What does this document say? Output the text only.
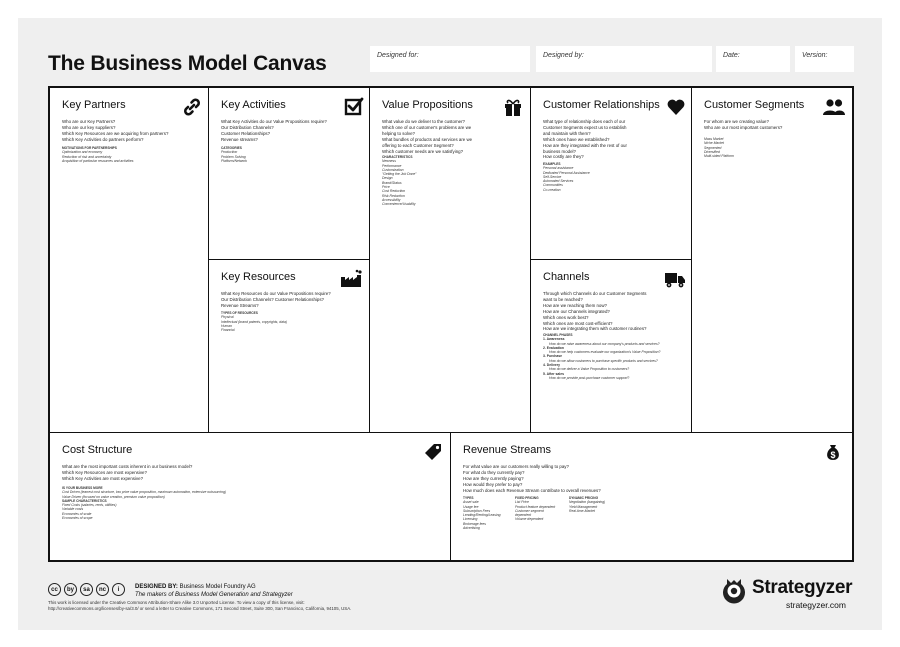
The Business Model Canvas	Designed for:	Designed by:	Date:	Version:
Key Partners
Who are our Key Partners?
Who are our key suppliers?
Which Key Resources are we acquiring from partners?
Which Key Activities do partners perform?
MOTIVATIONS FOR PARTNERSHIPS
Optimization and economy
Reduction of risk and uncertainty
Acquisition of particular resources and activities
Key Activities
What Key Activities do our Value Propositions require?
Our Distribution Channels?
Customer Relationships?
Revenue streams?
CATEGORIES
Production
Problem Solving
Platform/Network
Key Resources
What Key Resources do our Value Propositions require?
Our Distribution Channels? Customer Relationships?
Revenue Streams?
TYPES OF RESOURCES
Physical
Intellectual (brand patents, copyrights, data)
Human
Financial
Value Propositions
What value do we deliver to the customer?
Which one of our customer's problems are we
helping to solve?
What bundles of products and services are we
offering to each Customer Segment?
Which customer needs are we satisfying?
CHARACTERISTICS
Newness
Performance
Customization
"Getting the Job Done"
Design
Brand/Status
Price
Cost Reduction
Risk Reduction
Accessibility
Convenience/Usability
Customer Relationships
What type of relationship does each of our
Customer Segments expect us to establish
and maintain with them?
Which ones have we established?
How are they integrated with the rest of our
business model?
How costly are they?
EXAMPLES
Personal assistance
Dedicated Personal Assistance
Self-Service
Automated Services
Communities
Co-creation
Channels
Through which Channels do our Customer Segments
want to be reached?
How are we reaching them now?
How are our Channels integrated?
Which ones work best?
Which ones are most cost-efficient?
How are we integrating them with customer routines?
CHANNEL PHASES
1. Awareness
How do we raise awareness about our company's products and services?
2. Evaluation
How do we help customers evaluate our organization's Value Proposition?
3. Purchase
How do we allow customers to purchase specific products and services?
4. Delivery
How do we deliver a Value Proposition to customers?
5. After sales
How do we provide post-purchase customer support?
Customer Segments
For whom are we creating value?
Who are our most important customers?
Mass Market
Niche Market
Segmented
Diversified
Multi-sided Platform
Cost Structure
What are the most important costs inherent in our business model?
Which Key Resources are most expensive?
Which Key Activities are most expensive?
IS YOUR BUSINESS MORE
Cost Driven (leanest cost structure, low price value proposition, maximum automation, extensive outsourcing)
Value Driven (focused on value creation, premium value proposition)
SAMPLE CHARACTERISTICS
Fixed Costs (salaries, rents, utilities)
Variable costs
Economies of scale
Economies of scope
Revenue Streams	$
For what value are our customers really willing to pay?
For what do they currently pay?
How are they currently paying?
How would they prefer to pay?
How much does each Revenue Stream contribute to overall revenues?
TYPES
Asset sale
Usage fee
Subscription Fees
Lending/Renting/Leasing
Licensing
Brokerage fees
Advertising
FIXED PRICING
List Price
Product feature dependent
Customer segment
dependent
Volume dependent
DYNAMIC PRICING
Negotiation (bargaining)
Yield Management
Real-time-Market
cc	by	sa	nc	i	DESIGNED BY: Business Model Foundry AG
The makers of Business Model Generation and Strategyzer
This work is licensed under the Creative Commons Attribution-Share Alike 3.0 Unported License. To view a copy of this license, visit:
http://creativecommons.org/licenses/by-sa/3.0/ or send a letter to Creative Commons, 171 Second Street, Suite 300, San Francisco, California, 94105, USA.
Strategyzer
strategyzer.com
